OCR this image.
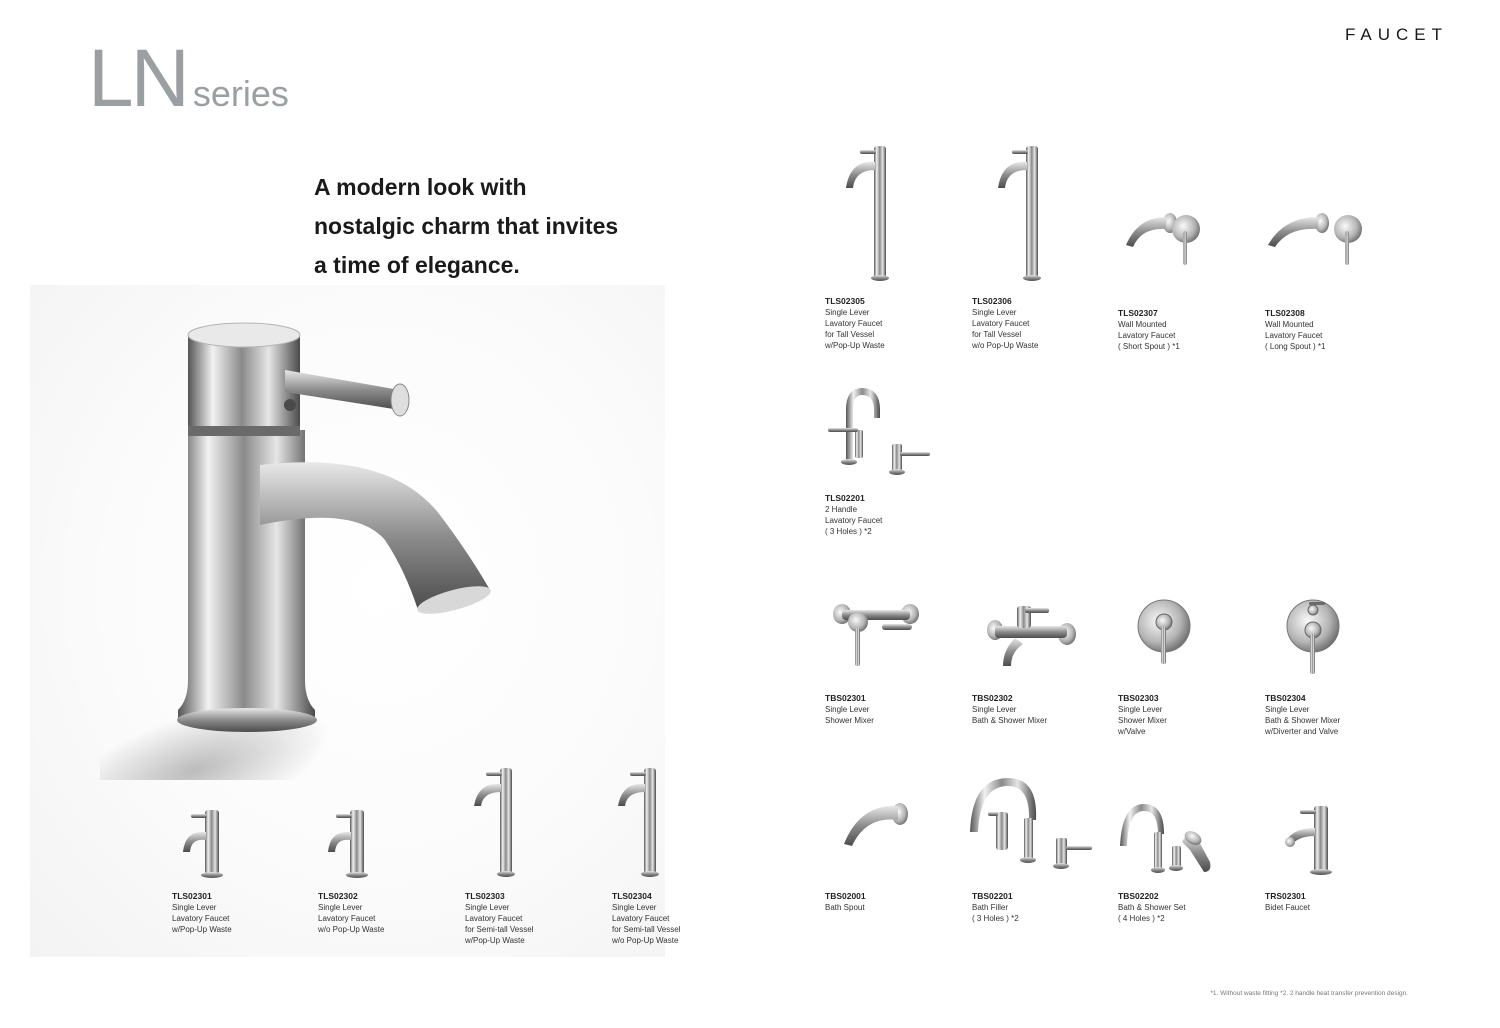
FAUCET
LN series

A modern look with
nostalgic charm that invites
a time of elegance.

TLS02301
Single Lever
Lavatory Faucet
w/Pop-Up Waste
TLS02302
Single Lever
Lavatory Faucet
w/o Pop-Up Waste
TLS02303
Single Lever
Lavatory Faucet
for Semi-tall Vessel
w/Pop-Up Waste
TLS02304
Single Lever
Lavatory Faucet
for Semi-tall Vessel
w/o Pop-Up Waste
TLS02305
Single Lever
Lavatory Faucet
for Tall Vessel
w/Pop-Up Waste
TLS02306
Single Lever
Lavatory Faucet
for Tall Vessel
w/o Pop-Up Waste
TLS02307
Wall Mounted
Lavatory Faucet
( Short Spout ) *1
TLS02308
Wall Mounted
Lavatory Faucet
( Long Spout ) *1
TLS02201
2 Handle
Lavatory Faucet
( 3 Holes ) *2
TBS02301
Single Lever
Shower Mixer
TBS02302
Single Lever
Bath & Shower Mixer
TBS02303
Single Lever
Shower Mixer
w/Valve
TBS02304
Single Lever
Bath & Shower Mixer
w/Diverter and Valve
TBS02001
Bath Spout
TBS02201
Bath Filler
( 3 Holes ) *2
TBS02202
Bath & Shower Set
( 4 Holes ) *2
TRS02301
Bidet Faucet
*1. Without waste fitting *2. 2 handle heat transfer prevention design.
